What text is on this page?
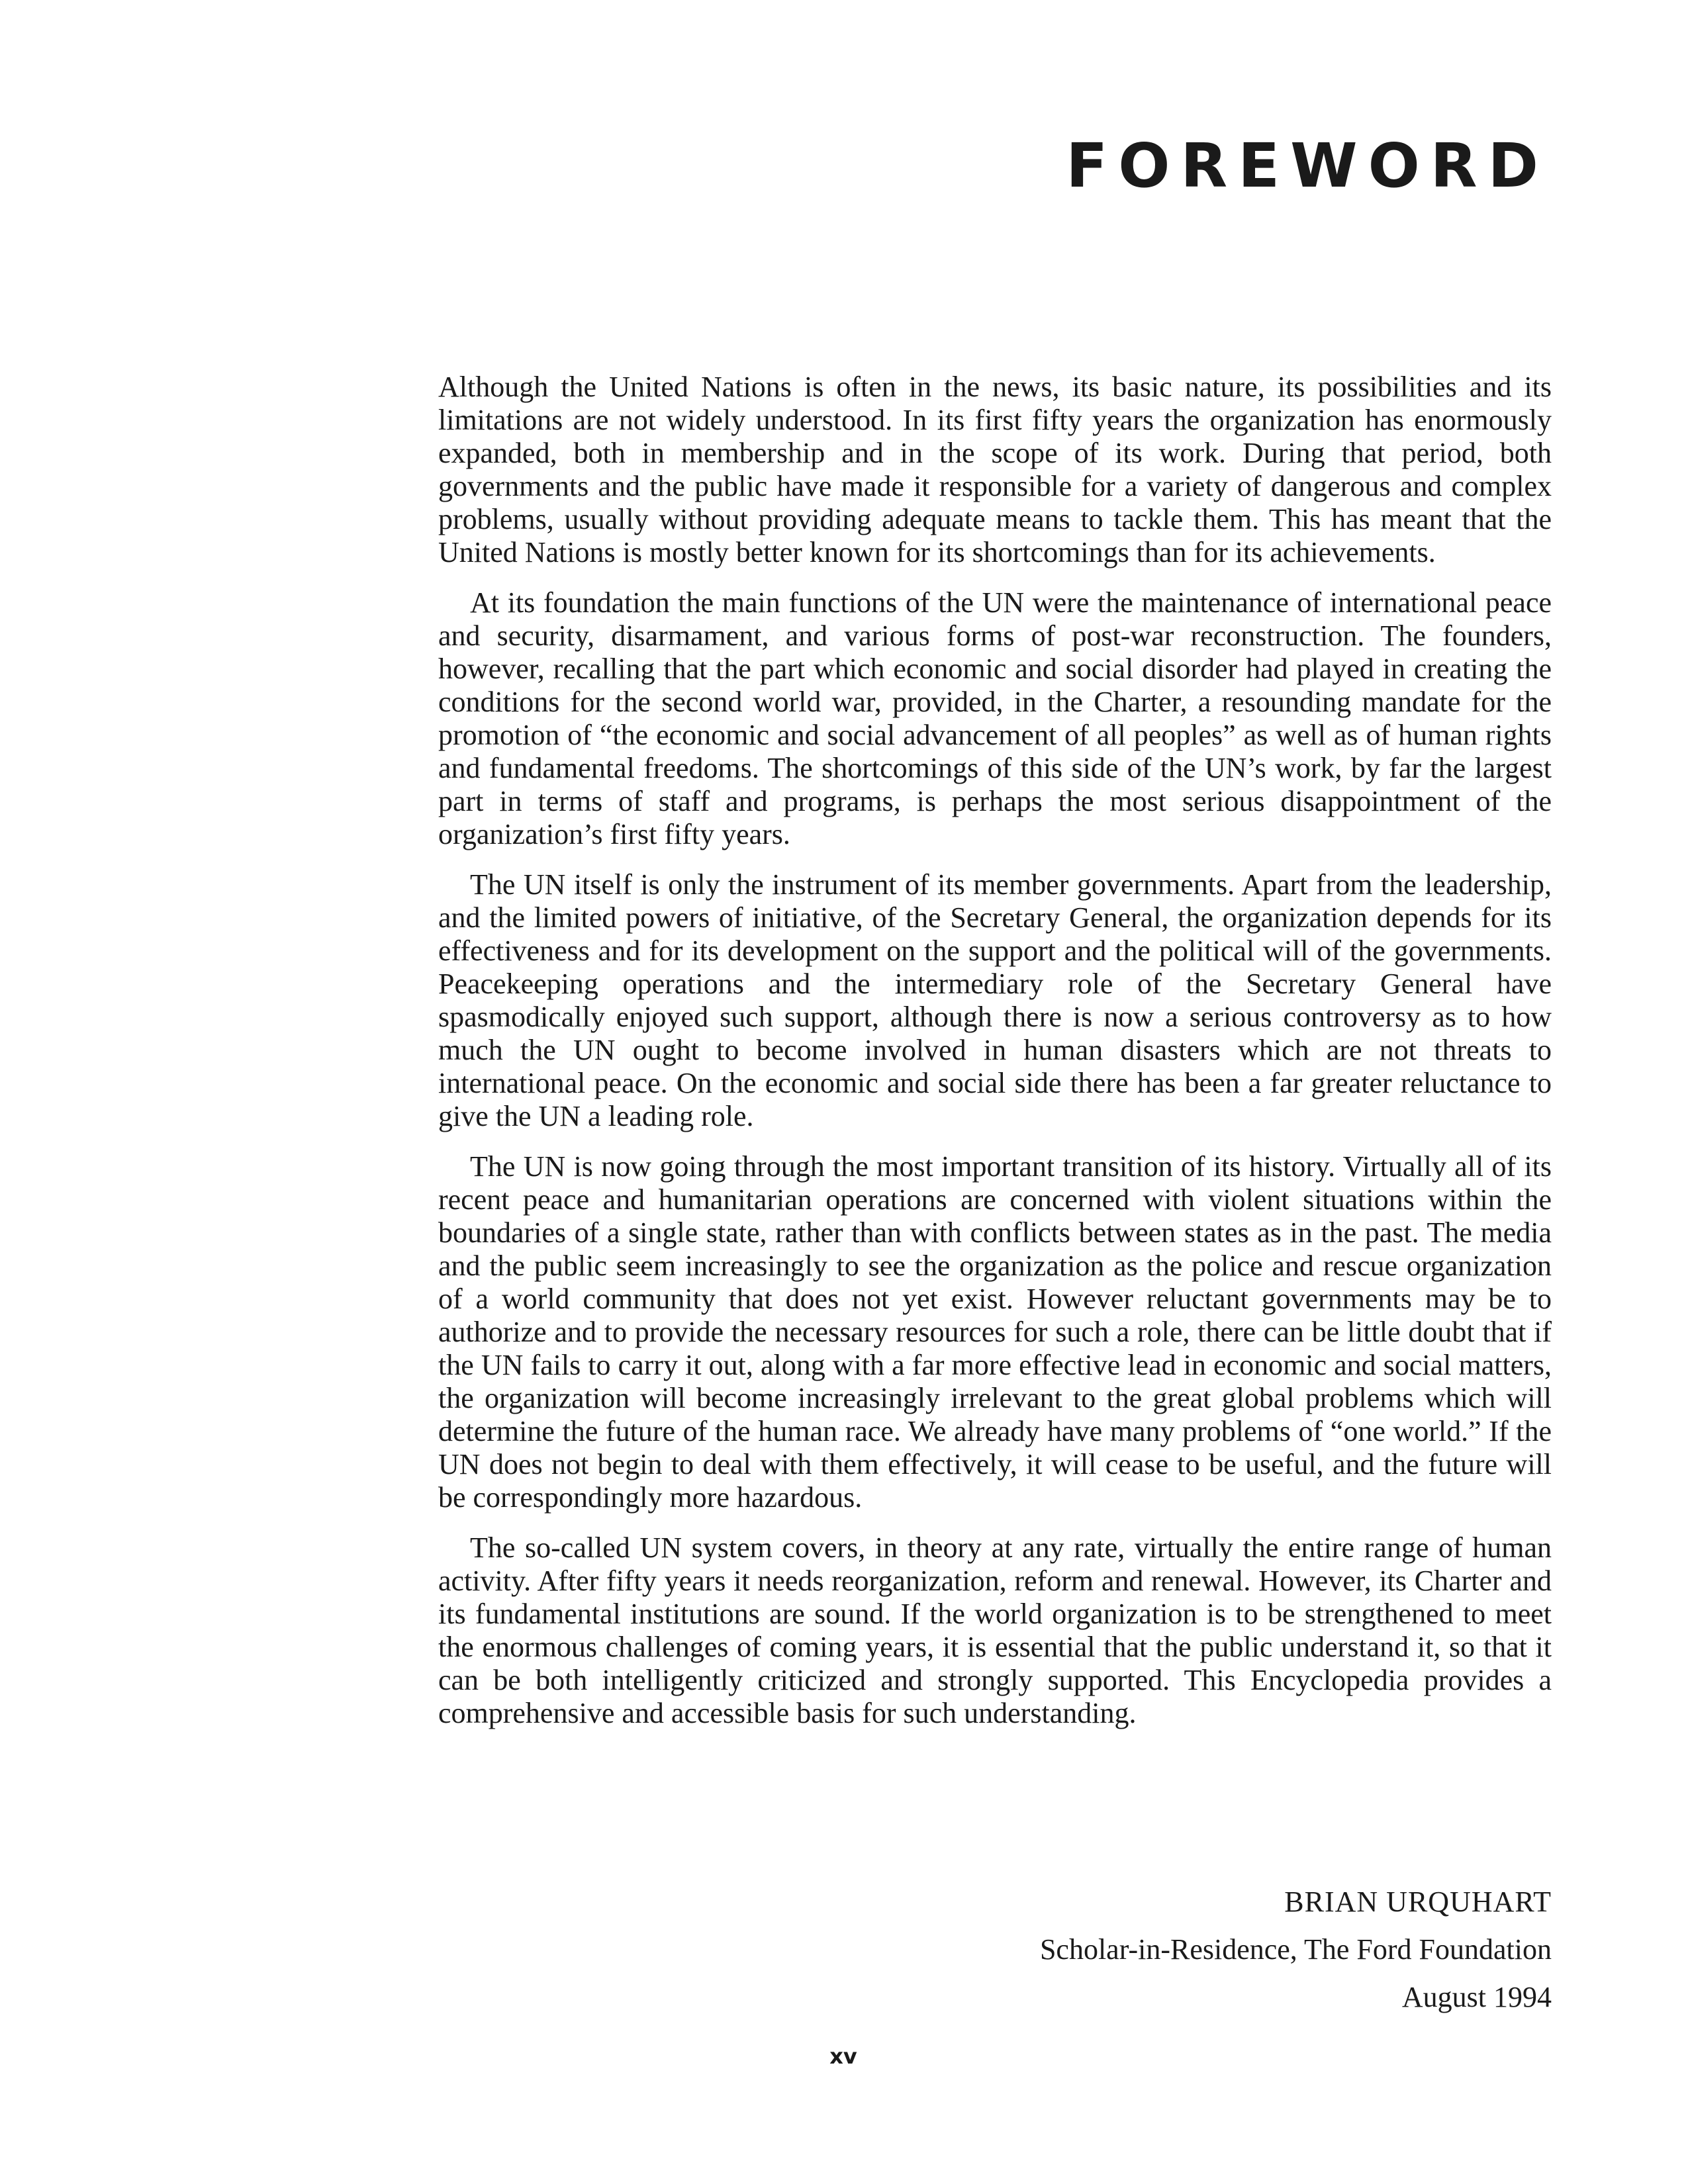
FOREWORD

Although the United Nations is often in the news, its basic nature, its possibilities and its limitations are not widely understood. In its first fifty years the organization has enormously expanded, both in membership and in the scope of its work. During that period, both governments and the public have made it responsible for a variety of dangerous and complex problems, usually without providing adequate means to tackle them. This has meant that the United Nations is mostly better known for its shortcomings than for its achievements.

At its foundation the main functions of the UN were the maintenance of international peace and security, disarmament, and various forms of post-war reconstruction. The founders, however, recalling that the part which economic and social disorder had played in creating the conditions for the second world war, provided, in the Charter, a resounding mandate for the promotion of “the economic and social advancement of all peoples” as well as of human rights and fundamental freedoms. The shortcomings of this side of the UN’s work, by far the largest part in terms of staff and programs, is perhaps the most serious disappointment of the organization’s first fifty years.

The UN itself is only the instrument of its member governments. Apart from the leadership, and the limited powers of initiative, of the Secretary General, the organization depends for its effectiveness and for its development on the support and the political will of the governments. Peacekeeping operations and the intermediary role of the Secretary General have spasmodically enjoyed such support, although there is now a serious controversy as to how much the UN ought to become involved in human disasters which are not threats to international peace. On the economic and social side there has been a far greater reluctance to give the UN a leading role.

The UN is now going through the most important transition of its history. Virtually all of its recent peace and humanitarian operations are concerned with violent situations within the boundaries of a single state, rather than with conflicts between states as in the past. The media and the public seem increasingly to see the organization as the police and rescue organization of a world community that does not yet exist. However reluctant governments may be to authorize and to provide the necessary resources for such a role, there can be little doubt that if the UN fails to carry it out, along with a far more effective lead in economic and social matters, the organization will become increasingly irrelevant to the great global problems which will determine the future of the human race. We already have many problems of “one world.” If the UN does not begin to deal with them effectively, it will cease to be useful, and the future will be correspondingly more hazardous.

The so-called UN system covers, in theory at any rate, virtually the entire range of human activity. After fifty years it needs reorganization, reform and renewal. However, its Charter and its fundamental institutions are sound. If the world organization is to be strengthened to meet the enormous challenges of coming years, it is essential that the public understand it, so that it can be both intelligently criticized and strongly supported. This Encyclopedia provides a comprehensive and accessible basis for such understanding.

BRIAN URQUHART
Scholar-in-Residence, The Ford Foundation
August 1994
xv
